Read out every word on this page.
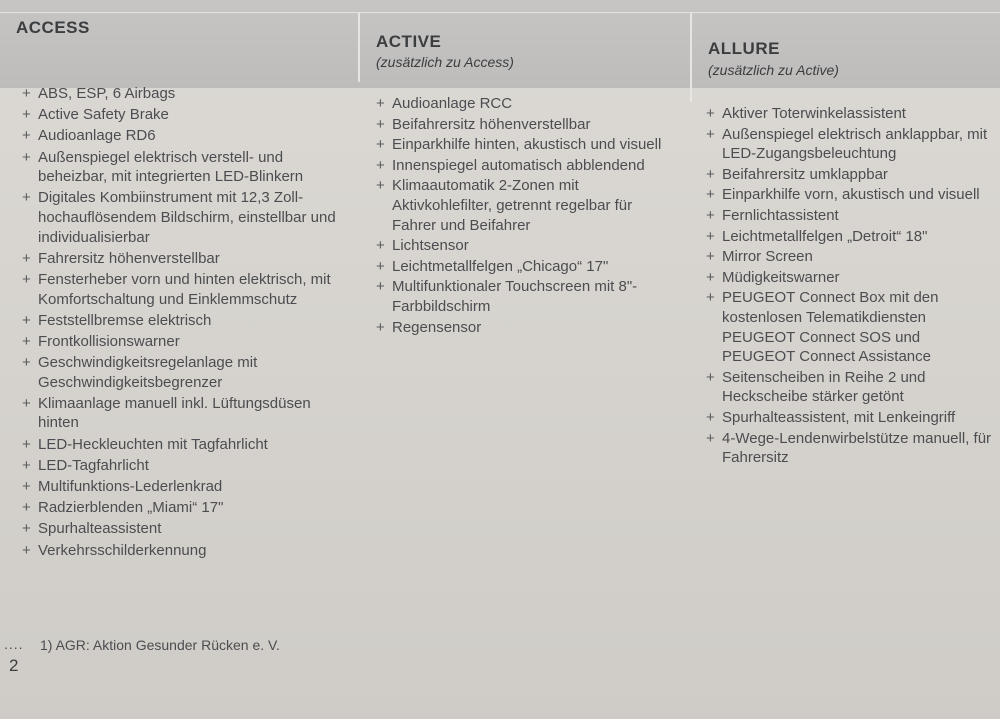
ACCESS
ACTIVE
(zusätzlich zu Access)
ALLURE
(zusätzlich zu Active)
+ ABS, ESP, 6 Airbags
+ Active Safety Brake
+ Audioanlage RD6
+ Außenspiegel elektrisch verstell- und beheizbar, mit integrierten LED-Blinkern
+ Digitales Kombiinstrument mit 12,3 Zoll-hochauflösendem Bildschirm, einstellbar und individualisierbar
+ Fahrersitz höhenverstellbar
+ Fensterheber vorn und hinten elektrisch, mit Komfortschaltung und Einklemmschutz
+ Feststellbremse elektrisch
+ Frontkollisionswarner
+ Geschwindigkeitsregelanlage mit Geschwindigkeitsbegrenzer
+ Klimaanlage manuell inkl. Lüftungsdüsen hinten
+ LED-Heckleuchten mit Tagfahrlicht
+ LED-Tagfahrlicht
+ Multifunktions-Lederlenkrad
+ Radzierblenden „Miami“ 17"
+ Spurhalteassistent
+ Verkehrsschilderkennung
+ Audioanlage RCC
+ Beifahrersitz höhenverstellbar
+ Einparkhilfe hinten, akustisch und visuell
+ Innenspiegel automatisch abblendend
+ Klimaautomatik 2-Zonen mit Aktivkohlefilter, getrennt regelbar für Fahrer und Beifahrer
+ Lichtsensor
+ Leichtmetallfelgen „Chicago“ 17"
+ Multifunktionaler Touchscreen mit 8"-Farbbildschirm
+ Regensensor
+ Aktiver Toterwinkelassistent
+ Außenspiegel elektrisch anklappbar, mit LED-Zugangsbeleuchtung
+ Beifahrersitz umklappbar
+ Einparkhilfe vorn, akustisch und visuell
+ Fernlichtassistent
+ Leichtmetallfelgen „Detroit“ 18"
+ Mirror Screen
+ Müdigkeitswarner
+ PEUGEOT Connect Box mit den kostenlosen Telematikdiensten PEUGEOT Connect SOS und PEUGEOT Connect Assistance
+ Seitenscheiben in Reihe 2 und Heckscheibe stärker getönt
+ Spurhalteassistent, mit Lenkeingriff
+ 4-Wege-Lendenwirbelstütze manuell, für Fahrersitz
.... 1) AGR: Aktion Gesunder Rücken e. V.
2
